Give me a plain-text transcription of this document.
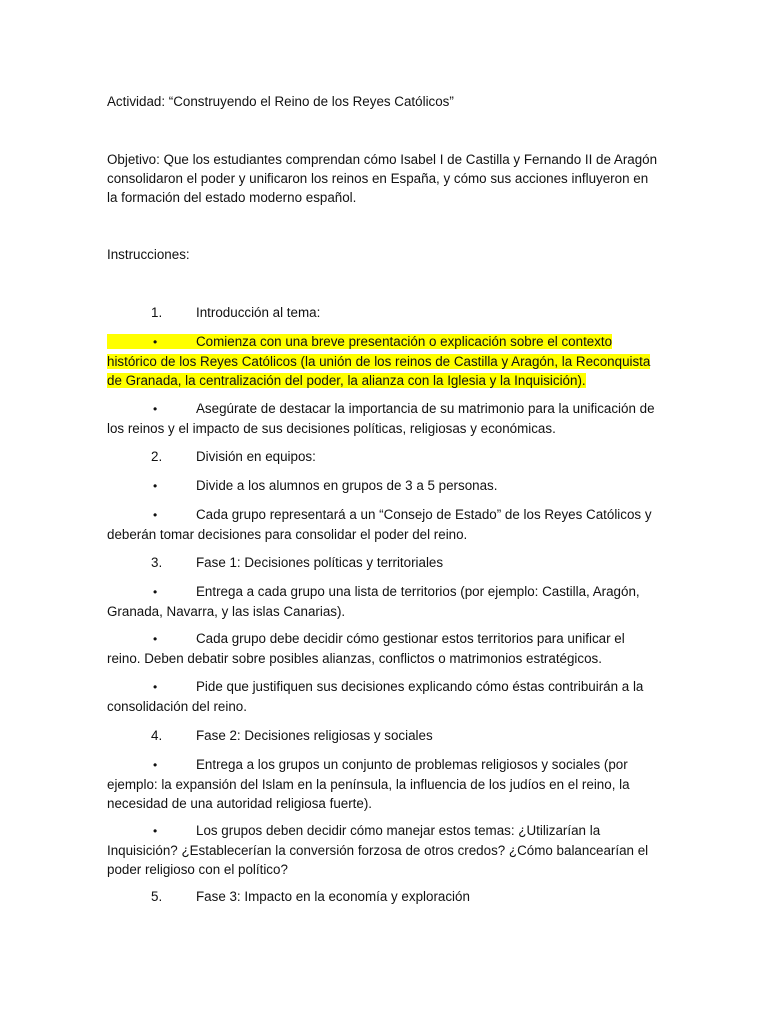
Actividad: “Construyendo el Reino de los Reyes Católicos”

Objetivo: Que los estudiantes comprendan cómo Isabel I de Castilla y Fernando II de Aragón consolidaron el poder y unificaron los reinos en España, y cómo sus acciones influyeron en la formación del estado moderno español.

Instrucciones:

1.	Introducción al tema:
•	Comienza con una breve presentación o explicación sobre el contexto histórico de los Reyes Católicos (la unión de los reinos de Castilla y Aragón, la Reconquista de Granada, la centralización del poder, la alianza con la Iglesia y la Inquisición).
•	Asegúrate de destacar la importancia de su matrimonio para la unificación de los reinos y el impacto de sus decisiones políticas, religiosas y económicas.
2.	División en equipos:
•	Divide a los alumnos en grupos de 3 a 5 personas.
•	Cada grupo representará a un “Consejo de Estado” de los Reyes Católicos y deberán tomar decisiones para consolidar el poder del reino.
3.	Fase 1: Decisiones políticas y territoriales
•	Entrega a cada grupo una lista de territorios (por ejemplo: Castilla, Aragón, Granada, Navarra, y las islas Canarias).
•	Cada grupo debe decidir cómo gestionar estos territorios para unificar el reino. Deben debatir sobre posibles alianzas, conflictos o matrimonios estratégicos.
•	Pide que justifiquen sus decisiones explicando cómo éstas contribuirán a la consolidación del reino.
4.	Fase 2: Decisiones religiosas y sociales
•	Entrega a los grupos un conjunto de problemas religiosos y sociales (por ejemplo: la expansión del Islam en la península, la influencia de los judíos en el reino, la necesidad de una autoridad religiosa fuerte).
•	Los grupos deben decidir cómo manejar estos temas: ¿Utilizarían la Inquisición? ¿Establecerían la conversión forzosa de otros credos? ¿Cómo balancearían el poder religioso con el político?
5.	Fase 3: Impacto en la economía y exploración
